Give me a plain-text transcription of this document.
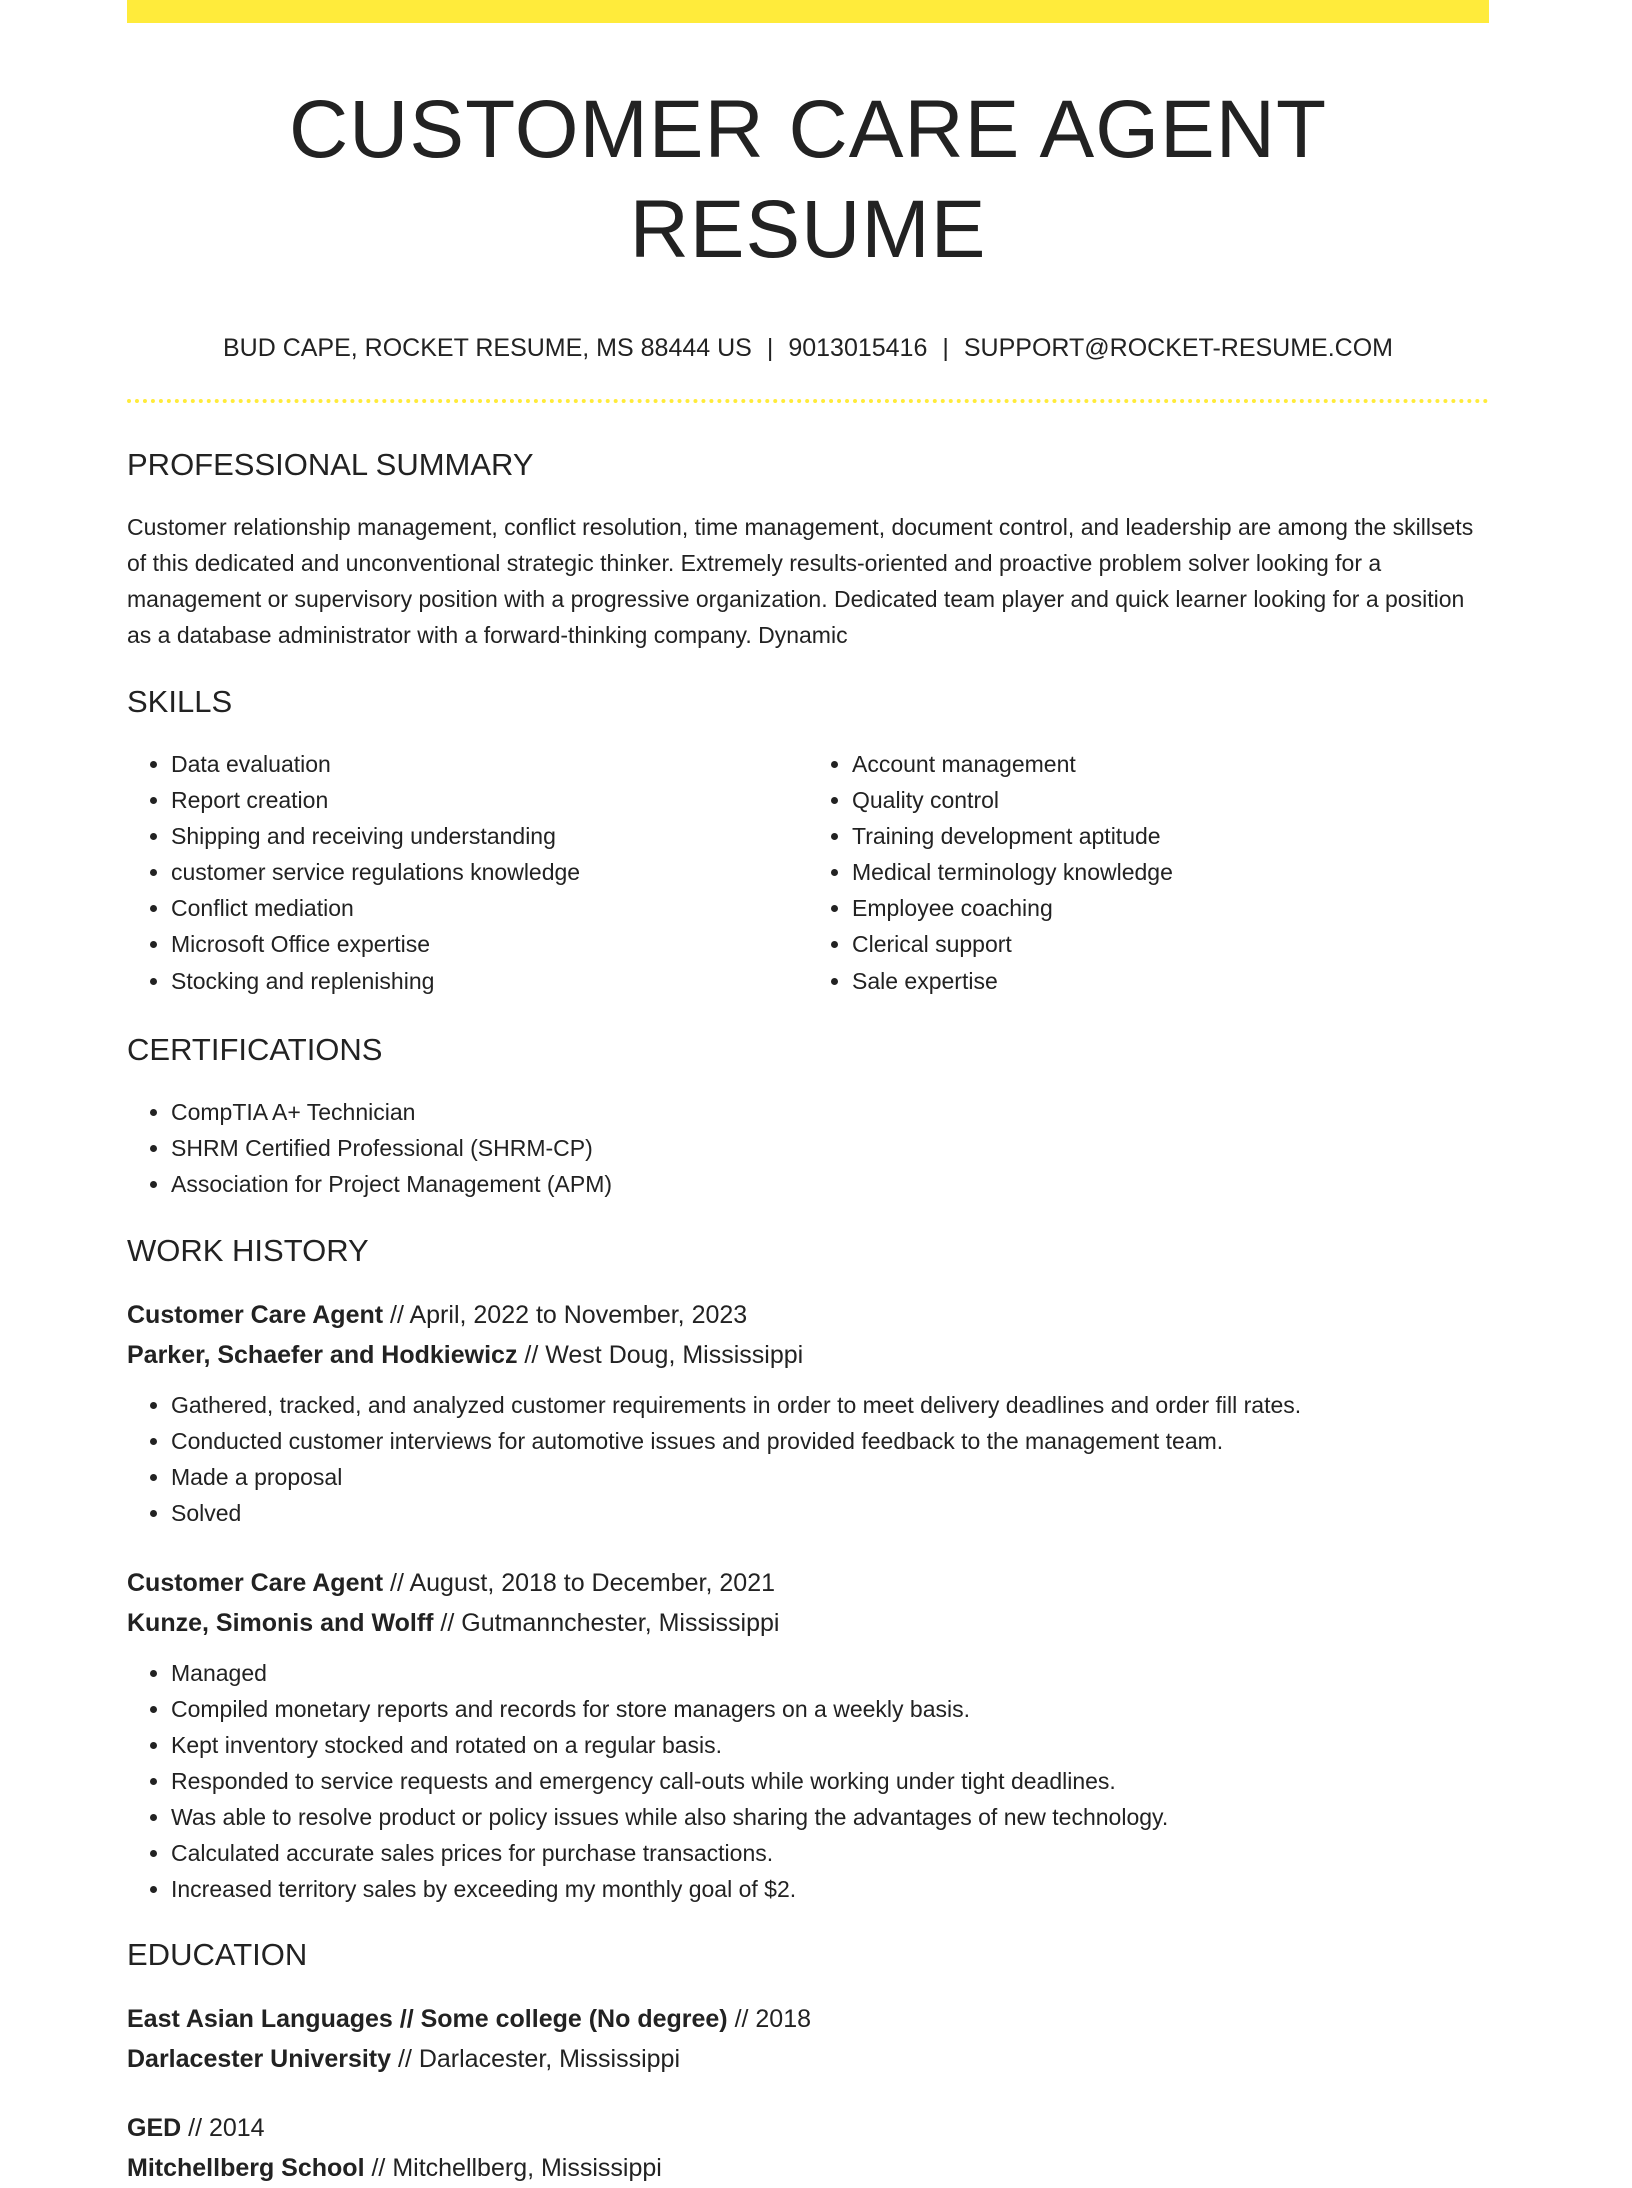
CUSTOMER CARE AGENT RESUME
BUD CAPE, ROCKET RESUME, MS 88444 US | 9013015416 | SUPPORT@ROCKET-RESUME.COM
PROFESSIONAL SUMMARY
Customer relationship management, conflict resolution, time management, document control, and leadership are among the skillsets of this dedicated and unconventional strategic thinker. Extremely results-oriented and proactive problem solver looking for a management or supervisory position with a progressive organization. Dedicated team player and quick learner looking for a position as a database administrator with a forward-thinking company. Dynamic
SKILLS
• Data evaluation
• Report creation
• Shipping and receiving understanding
• customer service regulations knowledge
• Conflict mediation
• Microsoft Office expertise
• Stocking and replenishing
• Account management
• Quality control
• Training development aptitude
• Medical terminology knowledge
• Employee coaching
• Clerical support
• Sale expertise
CERTIFICATIONS
• CompTIA A+ Technician
• SHRM Certified Professional (SHRM-CP)
• Association for Project Management (APM)
WORK HISTORY
Customer Care Agent // April, 2022 to November, 2023
Parker, Schaefer and Hodkiewicz // West Doug, Mississippi
• Gathered, tracked, and analyzed customer requirements in order to meet delivery deadlines and order fill rates.
• Conducted customer interviews for automotive issues and provided feedback to the management team.
• Made a proposal
• Solved
Customer Care Agent // August, 2018 to December, 2021
Kunze, Simonis and Wolff // Gutmannchester, Mississippi
• Managed
• Compiled monetary reports and records for store managers on a weekly basis.
• Kept inventory stocked and rotated on a regular basis.
• Responded to service requests and emergency call-outs while working under tight deadlines.
• Was able to resolve product or policy issues while also sharing the advantages of new technology.
• Calculated accurate sales prices for purchase transactions.
• Increased territory sales by exceeding my monthly goal of $2.
EDUCATION
East Asian Languages // Some college (No degree) // 2018
Darlacester University // Darlacester, Mississippi
GED // 2014
Mitchellberg School // Mitchellberg, Mississippi
